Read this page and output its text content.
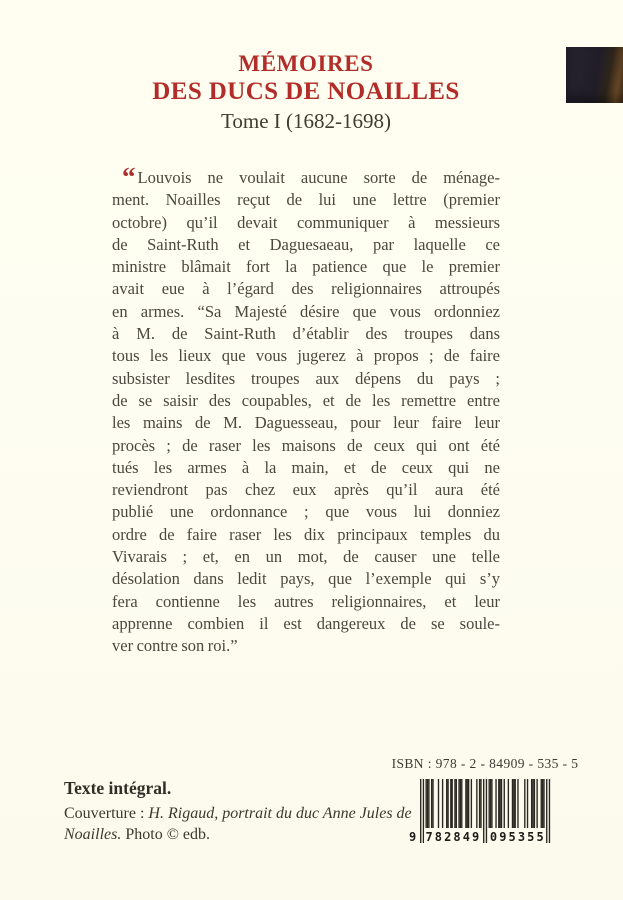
MÉMOIRES
DES DUCS DE NOAILLES
Tome I (1682-1698)
“ Louvois ne voulait aucune sorte de ménage-
ment. Noailles reçut de lui une lettre (premier
octobre) qu’il devait communiquer à messieurs
de Saint-Ruth et Daguesaeau, par laquelle ce
ministre blâmait fort la patience que le premier
avait eue à l’égard des religionnaires attroupés
en armes. “Sa Majesté désire que vous ordonniez
à M. de Saint-Ruth d’établir des troupes dans
tous les lieux que vous jugerez à propos ; de faire
subsister lesdites troupes aux dépens du pays ;
de se saisir des coupables, et de les remettre entre
les mains de M. Daguesseau, pour leur faire leur
procès ; de raser les maisons de ceux qui ont été
tués les armes à la main, et de ceux qui ne
reviendront pas chez eux après qu’il aura été
publié une ordonnance ; que vous lui donniez
ordre de faire raser les dix principaux temples du
Vivarais ; et, en un mot, de causer une telle
désolation dans ledit pays, que l’exemple qui s’y
fera contienne les autres religionnaires, et leur
apprenne combien il est dangereux de se soule-
ver contre son roi.”
ISBN : 978 - 2 - 84909 - 535 - 5
9 7 8 2 8 4 9 0 9 5 3 5 5

Texte intégral.

Couverture : H. Rigaud, portrait du duc Anne Jules de Noailles. Photo © edb.
